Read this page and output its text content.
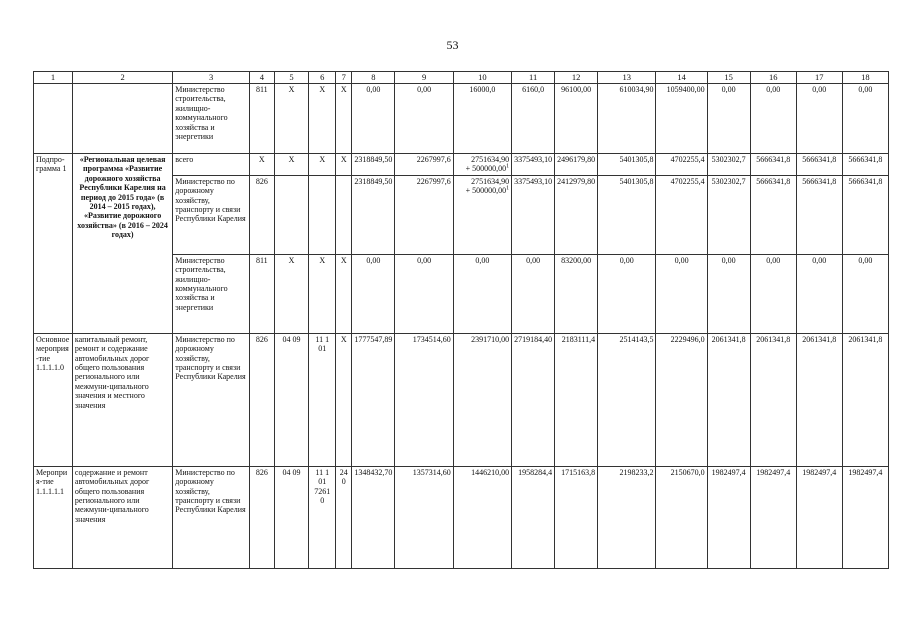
53
1	2	3	4	5	6	7	8	9	10	11	12	13	14	15	16	17	18
		Министерство строительства, жилищно-коммунального хозяйства и энергетики	811	Х	Х	Х	0,00	0,00	16000,0	6160,0	96100,00	610034,90	1059400,00	0,00	0,00	0,00	0,00
Подпро-грамма 1	«Региональная целевая программа «Развитие дорожного хозяйства Республики Карелия на период до 2015 года» (в 2014 – 2015 годах), «Развитие дорожного хозяйства» (в 2016 – 2024 годах)	всего	Х	Х	Х	Х	2318849,50	2267997,6	2751634,90
+ $500000,00^1$	3375493,10	2496179,80	5401305,8	4702255,4	5302302,7	5666341,8	5666341,8	5666341,8
		Министерство по дорожному хозяйству, транспорту и связи Республики Карелия	826				2318849,50	2267997,6	2751634,90
+ $500000,00^1$	3375493,10	2412979,80	5401305,8	4702255,4	5302302,7	5666341,8	5666341,8	5666341,8
		Министерство строительства, жилищно-коммунального хозяйства и энергетики	811	Х	Х	Х	0,00	0,00	0,00	0,00	83200,00	0,00	0,00	0,00	0,00	0,00	0,00
Основное мероприя-тие 1.1.1.1.0	капитальный ремонт, ремонт и содержание автомобильных дорог общего пользования регионального или межмуни-ципального значения и местного значения	Министерство по дорожному хозяйству, транспорту и связи Республики Карелия	826	04 09	11 1 01	Х	1777547,89	1734514,60	2391710,00	2719184,40	2183111,4	2514143,5	2229496,0	2061341,8	2061341,8	2061341,8	2061341,8
Мероприя-тие 1.1.1.1.1	содержание и ремонт автомобильных дорог общего пользования регионального или межмуни-ципального значения	Министерство по дорожному хозяйству, транспорту и связи Республики Карелия	826	04 09	11 1 01 7261 0	240	1348432,70	1357314,60	1446210,00	1958284,4	1715163,8	2198233,2	2150670,0	1982497,4	1982497,4	1982497,4	1982497,4
